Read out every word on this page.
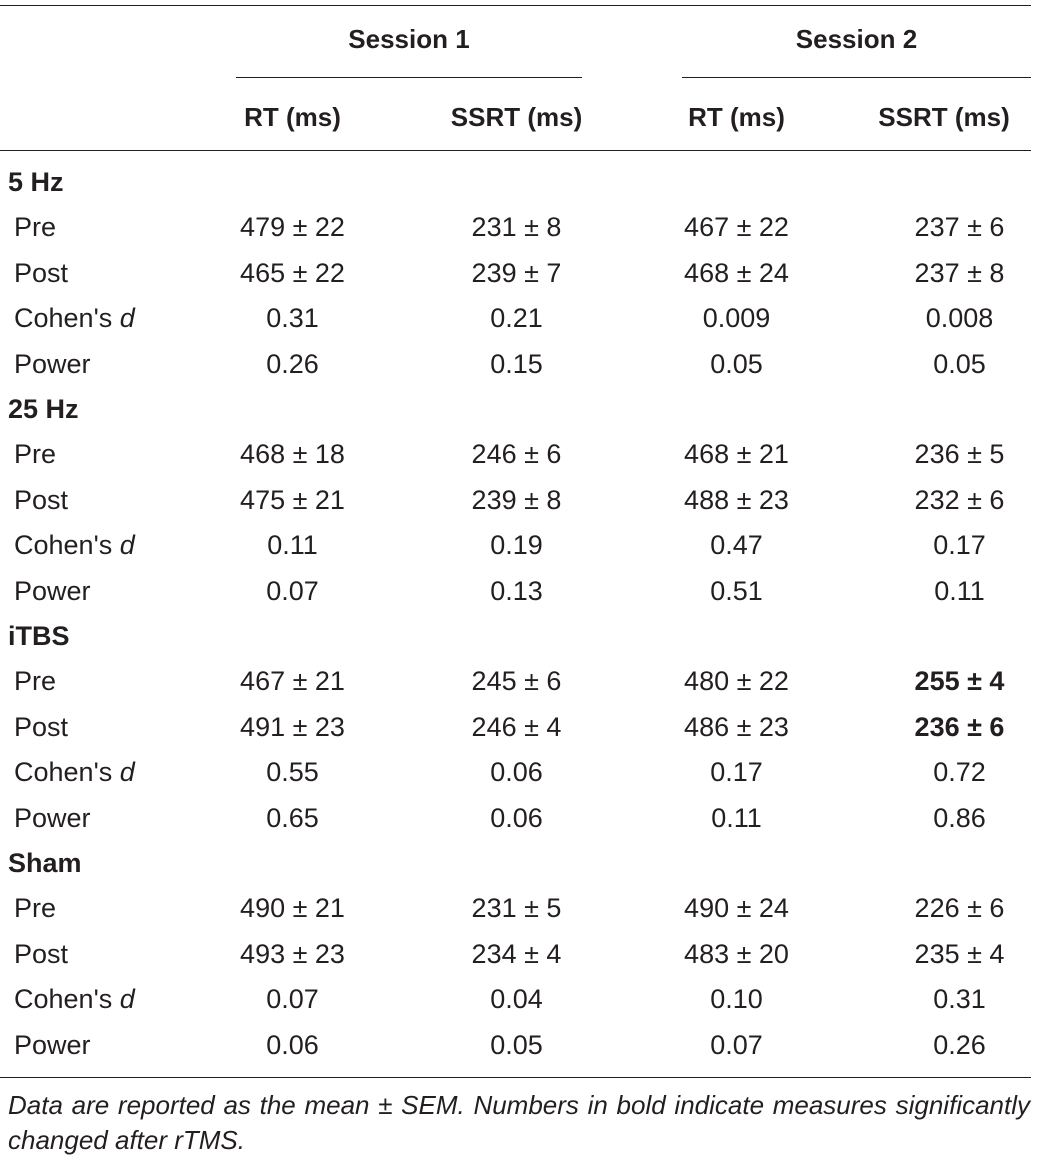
Session 1	Session 2
RT (ms)	SSRT (ms)	RT (ms)	SSRT (ms)
5 Hz
Pre	479 ± 22	231 ± 8	467 ± 22	237 ± 6
Post	465 ± 22	239 ± 7	468 ± 24	237 ± 8
Cohen's d	0.31	0.21	0.009	0.008
Power	0.26	0.15	0.05	0.05
25 Hz
Pre	468 ± 18	246 ± 6	468 ± 21	236 ± 5
Post	475 ± 21	239 ± 8	488 ± 23	232 ± 6
Cohen's d	0.11	0.19	0.47	0.17
Power	0.07	0.13	0.51	0.11
iTBS
Pre	467 ± 21	245 ± 6	480 ± 22	255 ± 4
Post	491 ± 23	246 ± 4	486 ± 23	236 ± 6
Cohen's d	0.55	0.06	0.17	0.72
Power	0.65	0.06	0.11	0.86
Sham
Pre	490 ± 21	231 ± 5	490 ± 24	226 ± 6
Post	493 ± 23	234 ± 4	483 ± 20	235 ± 4
Cohen's d	0.07	0.04	0.10	0.31
Power	0.06	0.05	0.07	0.26
Data are reported as the mean ± SEM. Numbers in bold indicate measures significantly changed after rTMS.
